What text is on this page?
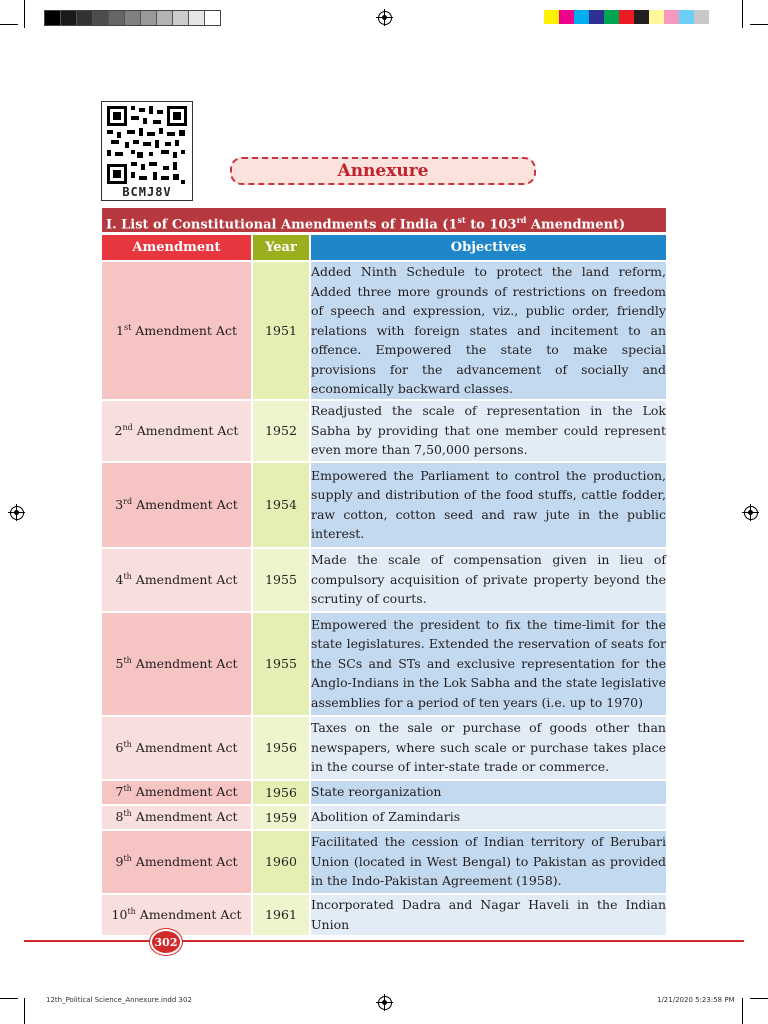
BCMJ8V
Annexure
I. List of Constitutional Amendments of India (1st to 103rd Amendment)
Amendment	Year	Objectives
1st Amendment Act	1951	Added Ninth Schedule to protect the land reform, Added three more grounds of restrictions on freedom of speech and expression, viz., public order, friendly relations with foreign states and incitement to an offence. Empowered the state to make special provisions for the advancement of socially and economically backward classes.
2nd Amendment Act	1952	Readjusted the scale of representation in the Lok Sabha by providing that one member could represent even more than 7,50,000 persons.
3rd Amendment Act	1954	Empowered the Parliament to control the production, supply and distribution of the food stuffs, cattle fodder, raw cotton, cotton seed and raw jute in the public interest.
4th Amendment Act	1955	Made the scale of compensation given in lieu of compulsory acquisition of private property beyond the scrutiny of courts.
5th Amendment Act	1955	Empowered the president to fix the time-limit for the state legislatures. Extended the reservation of seats for the SCs and STs and exclusive representation for the Anglo-Indians in the Lok Sabha and the state legislative assemblies for a period of ten years (i.e. up to 1970)
6th Amendment Act	1956	Taxes on the sale or purchase of goods other than newspapers, where such scale or purchase takes place in the course of inter-state trade or commerce.
7th Amendment Act	1956	State reorganization
8th Amendment Act	1959	Abolition of Zamindaris
9th Amendment Act	1960	Facilitated the cession of Indian territory of Berubari Union (located in West Bengal) to Pakistan as provided in the Indo-Pakistan Agreement (1958).
10th Amendment Act	1961	Incorporated Dadra and Nagar Haveli in the Indian Union
302
12th_Political Science_Annexure.indd 302	1/21/2020 5:23:58 PM
